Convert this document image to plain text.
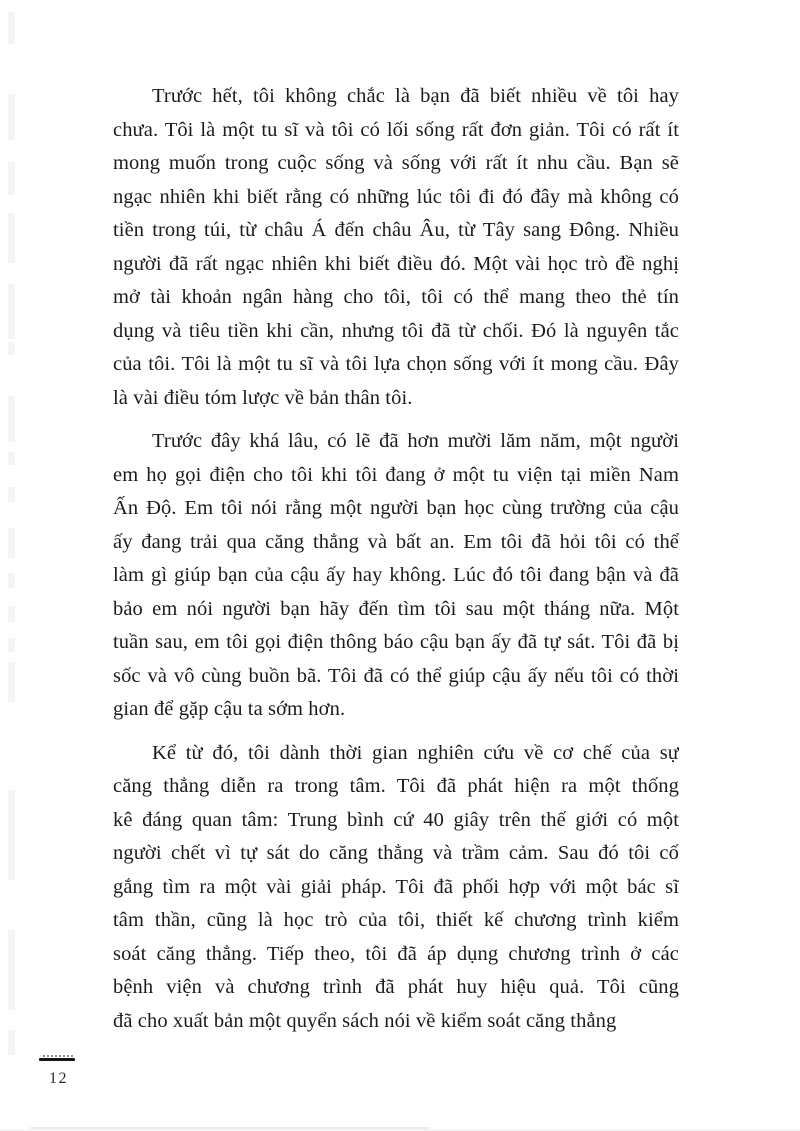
Trước hết, tôi không chắc là bạn đã biết nhiều về tôi hay
chưa. Tôi là một tu sĩ và tôi có lối sống rất đơn giản. Tôi có rất ít
mong muốn trong cuộc sống và sống với rất ít nhu cầu. Bạn sẽ
ngạc nhiên khi biết rằng có những lúc tôi đi đó đây mà không có
tiền trong túi, từ châu Á đến châu Âu, từ Tây sang Đông. Nhiều
người đã rất ngạc nhiên khi biết điều đó. Một vài học trò đề nghị
mở tài khoản ngân hàng cho tôi, tôi có thể mang theo thẻ tín
dụng và tiêu tiền khi cần, nhưng tôi đã từ chối. Đó là nguyên tắc
của tôi. Tôi là một tu sĩ và tôi lựa chọn sống với ít mong cầu. Đây
là vài điều tóm lược về bản thân tôi.

Trước đây khá lâu, có lẽ đã hơn mười lăm năm, một người
em họ gọi điện cho tôi khi tôi đang ở một tu viện tại miền Nam
Ấn Độ. Em tôi nói rằng một người bạn học cùng trường của cậu
ấy đang trải qua căng thẳng và bất an. Em tôi đã hỏi tôi có thể
làm gì giúp bạn của cậu ấy hay không. Lúc đó tôi đang bận và đã
bảo em nói người bạn hãy đến tìm tôi sau một tháng nữa. Một
tuần sau, em tôi gọi điện thông báo cậu bạn ấy đã tự sát. Tôi đã bị
sốc và vô cùng buồn bã. Tôi đã có thể giúp cậu ấy nếu tôi có thời
gian để gặp cậu ta sớm hơn.

Kể từ đó, tôi dành thời gian nghiên cứu về cơ chế của sự
căng thẳng diễn ra trong tâm. Tôi đã phát hiện ra một thống
kê đáng quan tâm: Trung bình cứ 40 giây trên thế giới có một
người chết vì tự sát do căng thẳng và trầm cảm. Sau đó tôi cố
gắng tìm ra một vài giải pháp. Tôi đã phối hợp với một bác sĩ
tâm thần, cũng là học trò của tôi, thiết kế chương trình kiểm
soát căng thẳng. Tiếp theo, tôi đã áp dụng chương trình ở các
bệnh viện và chương trình đã phát huy hiệu quả. Tôi cũng
đã cho xuất bản một quyển sách nói về kiểm soát căng thẳng

12
